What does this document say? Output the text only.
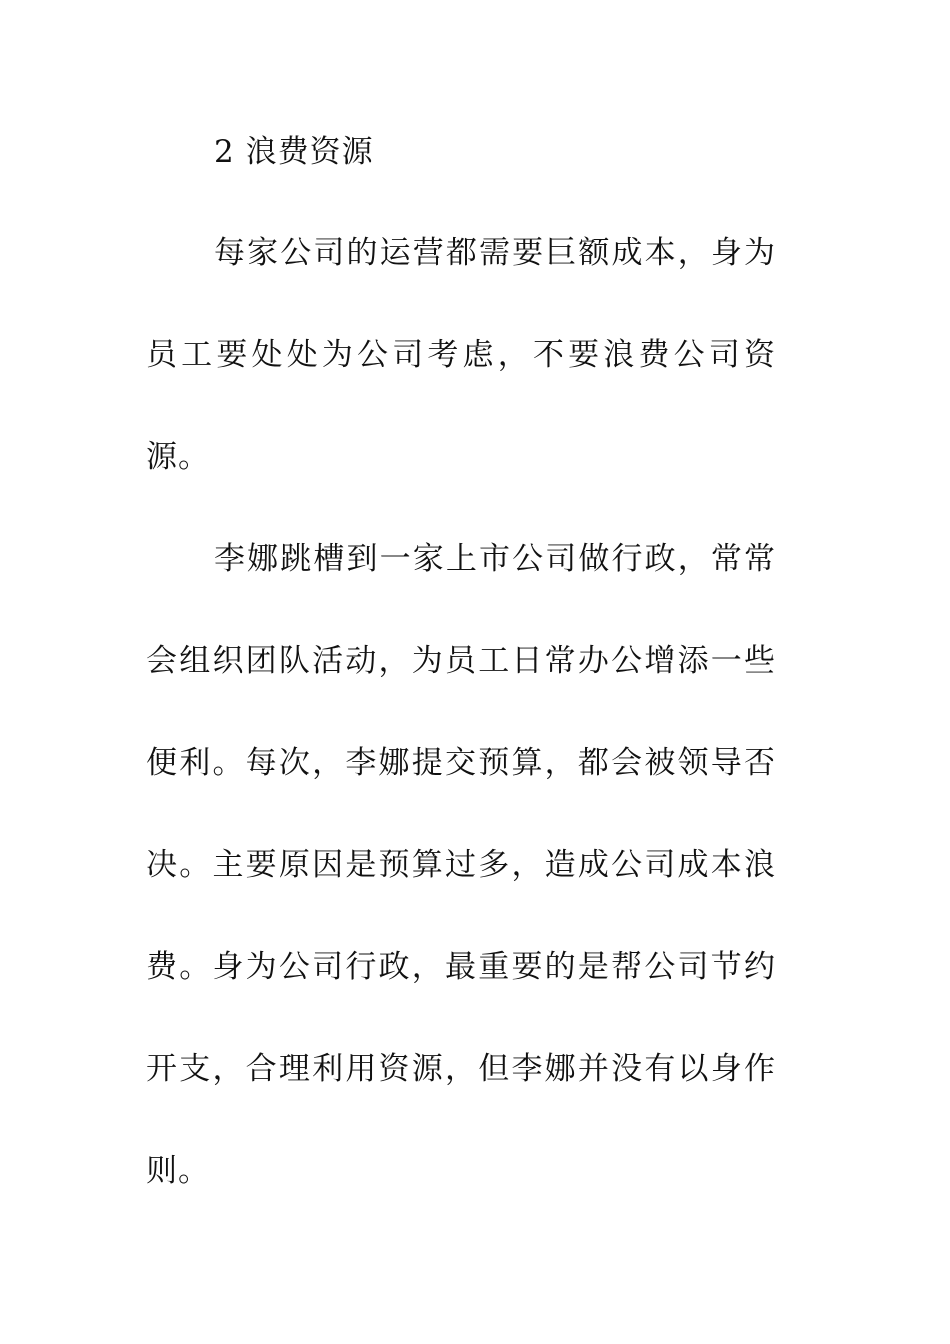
2 浪费资源

每家公司的运营都需要巨额成本，身为员工要处处为公司考虑，不要浪费公司资源。

李娜跳槽到一家上市公司做行政，常常会组织团队活动，为员工日常办公增添一些便利。每次，李娜提交预算，都会被领导否决。主要原因是预算过多，造成公司成本浪费。身为公司行政，最重要的是帮公司节约开支，合理利用资源，但李娜并没有以身作则。
